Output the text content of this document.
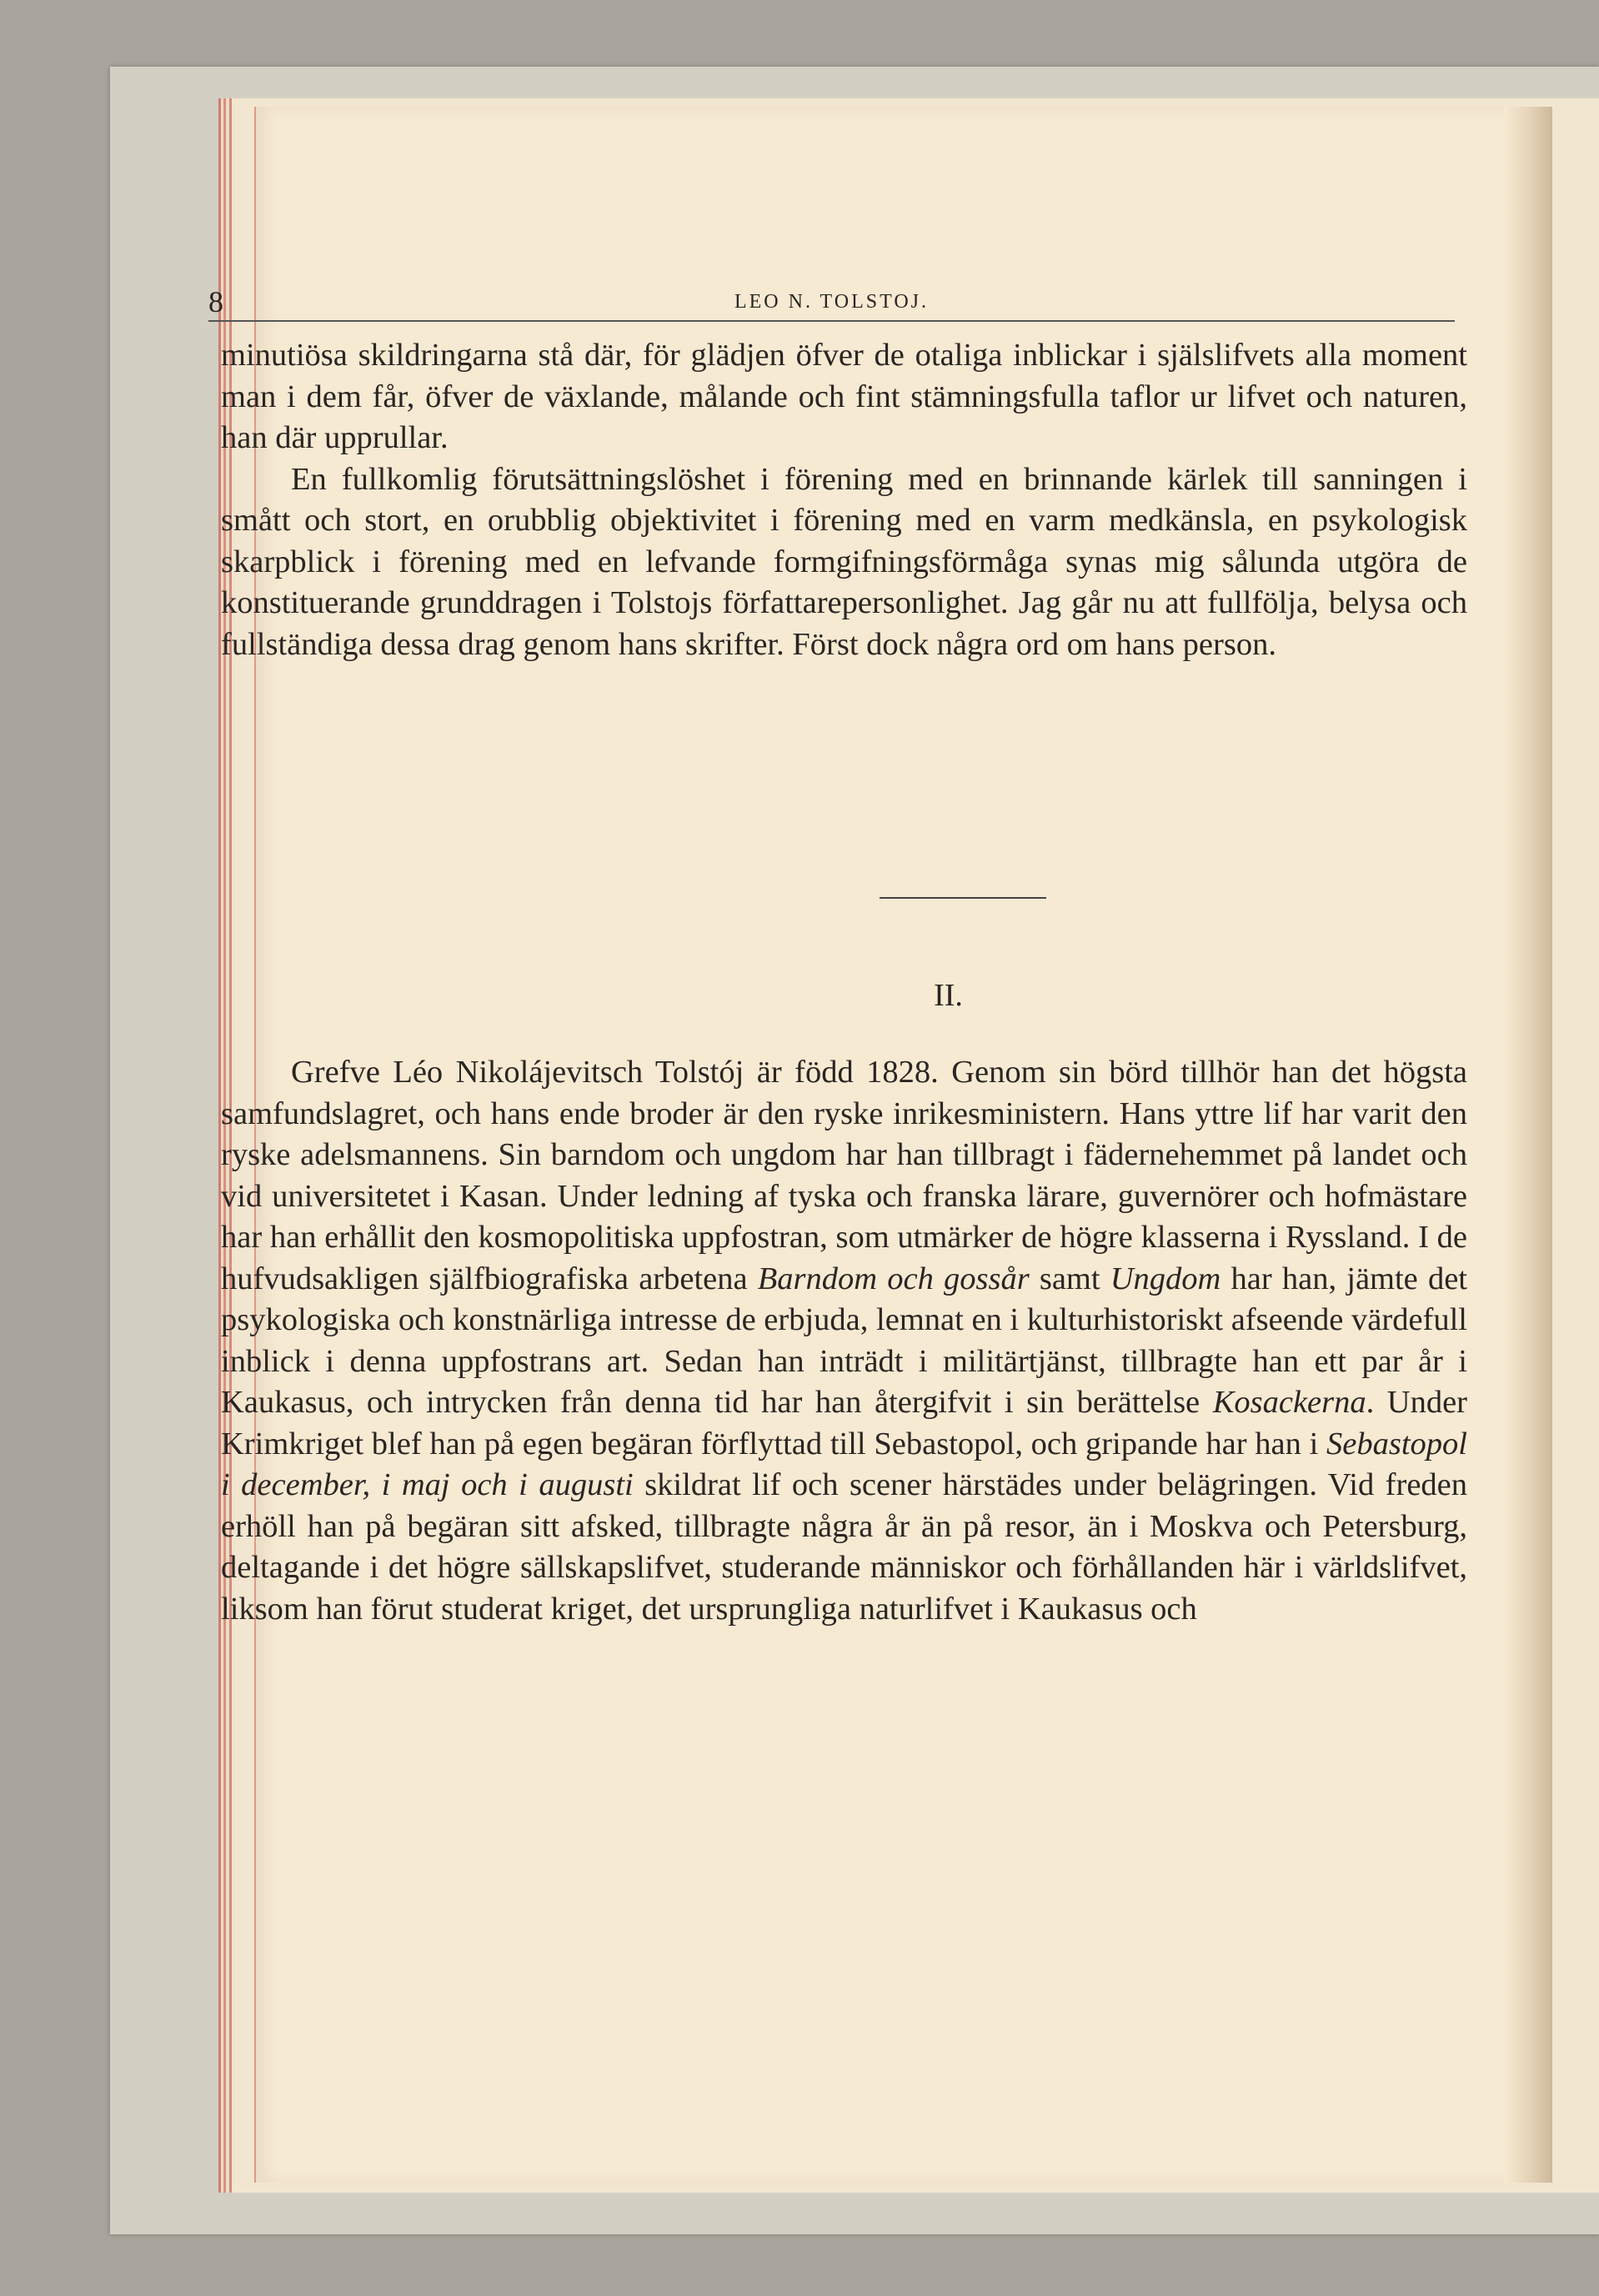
8	LEO N. TOLSTOJ.

minutiösa skildringarna stå där, för glädjen öfver de otaliga inblickar i själslifvets alla moment man i dem får, öfver de växlande, målande och fint stämningsfulla taflor ur lifvet och naturen, han där upprullar.

En fullkomlig förutsättningslöshet i förening med en brinnande kärlek till sanningen i smått och stort, en orubblig objektivitet i förening med en varm medkänsla, en psykologisk skarpblick i förening med en lefvande formgifningsförmåga synas mig sålunda utgöra de konstituerande grunddragen i Tolstojs författarepersonlighet. Jag går nu att fullfölja, belysa och fullständiga dessa drag genom hans skrifter. Först dock några ord om hans person.

II.

Grefve Léo Nikolájevitsch Tolstój är född 1828. Genom sin börd tillhör han det högsta samfundslagret, och hans ende broder är den ryske inrikesministern. Hans yttre lif har varit den ryske adelsmannens. Sin barndom och ungdom har han tillbragt i fädernehemmet på landet och vid universitetet i Kasan. Under ledning af tyska och franska lärare, guvernörer och hofmästare har han erhållit den kosmopolitiska uppfostran, som utmärker de högre klasserna i Ryssland. I de hufvudsakligen själfbiografiska arbetena Barndom och gossår samt Ungdom har han, jämte det psykologiska och konstnärliga intresse de erbjuda, lemnat en i kulturhistoriskt afseende värdefull inblick i denna uppfostrans art. Sedan han inträdt i militärtjänst, tillbragte han ett par år i Kaukasus, och intrycken från denna tid har han återgifvit i sin berättelse Kosackerna. Under Krimkriget blef han på egen begäran förflyttad till Sebastopol, och gripande har han i Sebastopol i december, i maj och i augusti skildrat lif och scener härstädes under belägringen. Vid freden erhöll han på begäran sitt afsked, tillbragte några år än på resor, än i Moskva och Petersburg, deltagande i det högre sällskapslifvet, studerande människor och förhållanden här i världslifvet, liksom han förut studerat kriget, det ursprungliga naturlifvet i Kaukasus och
